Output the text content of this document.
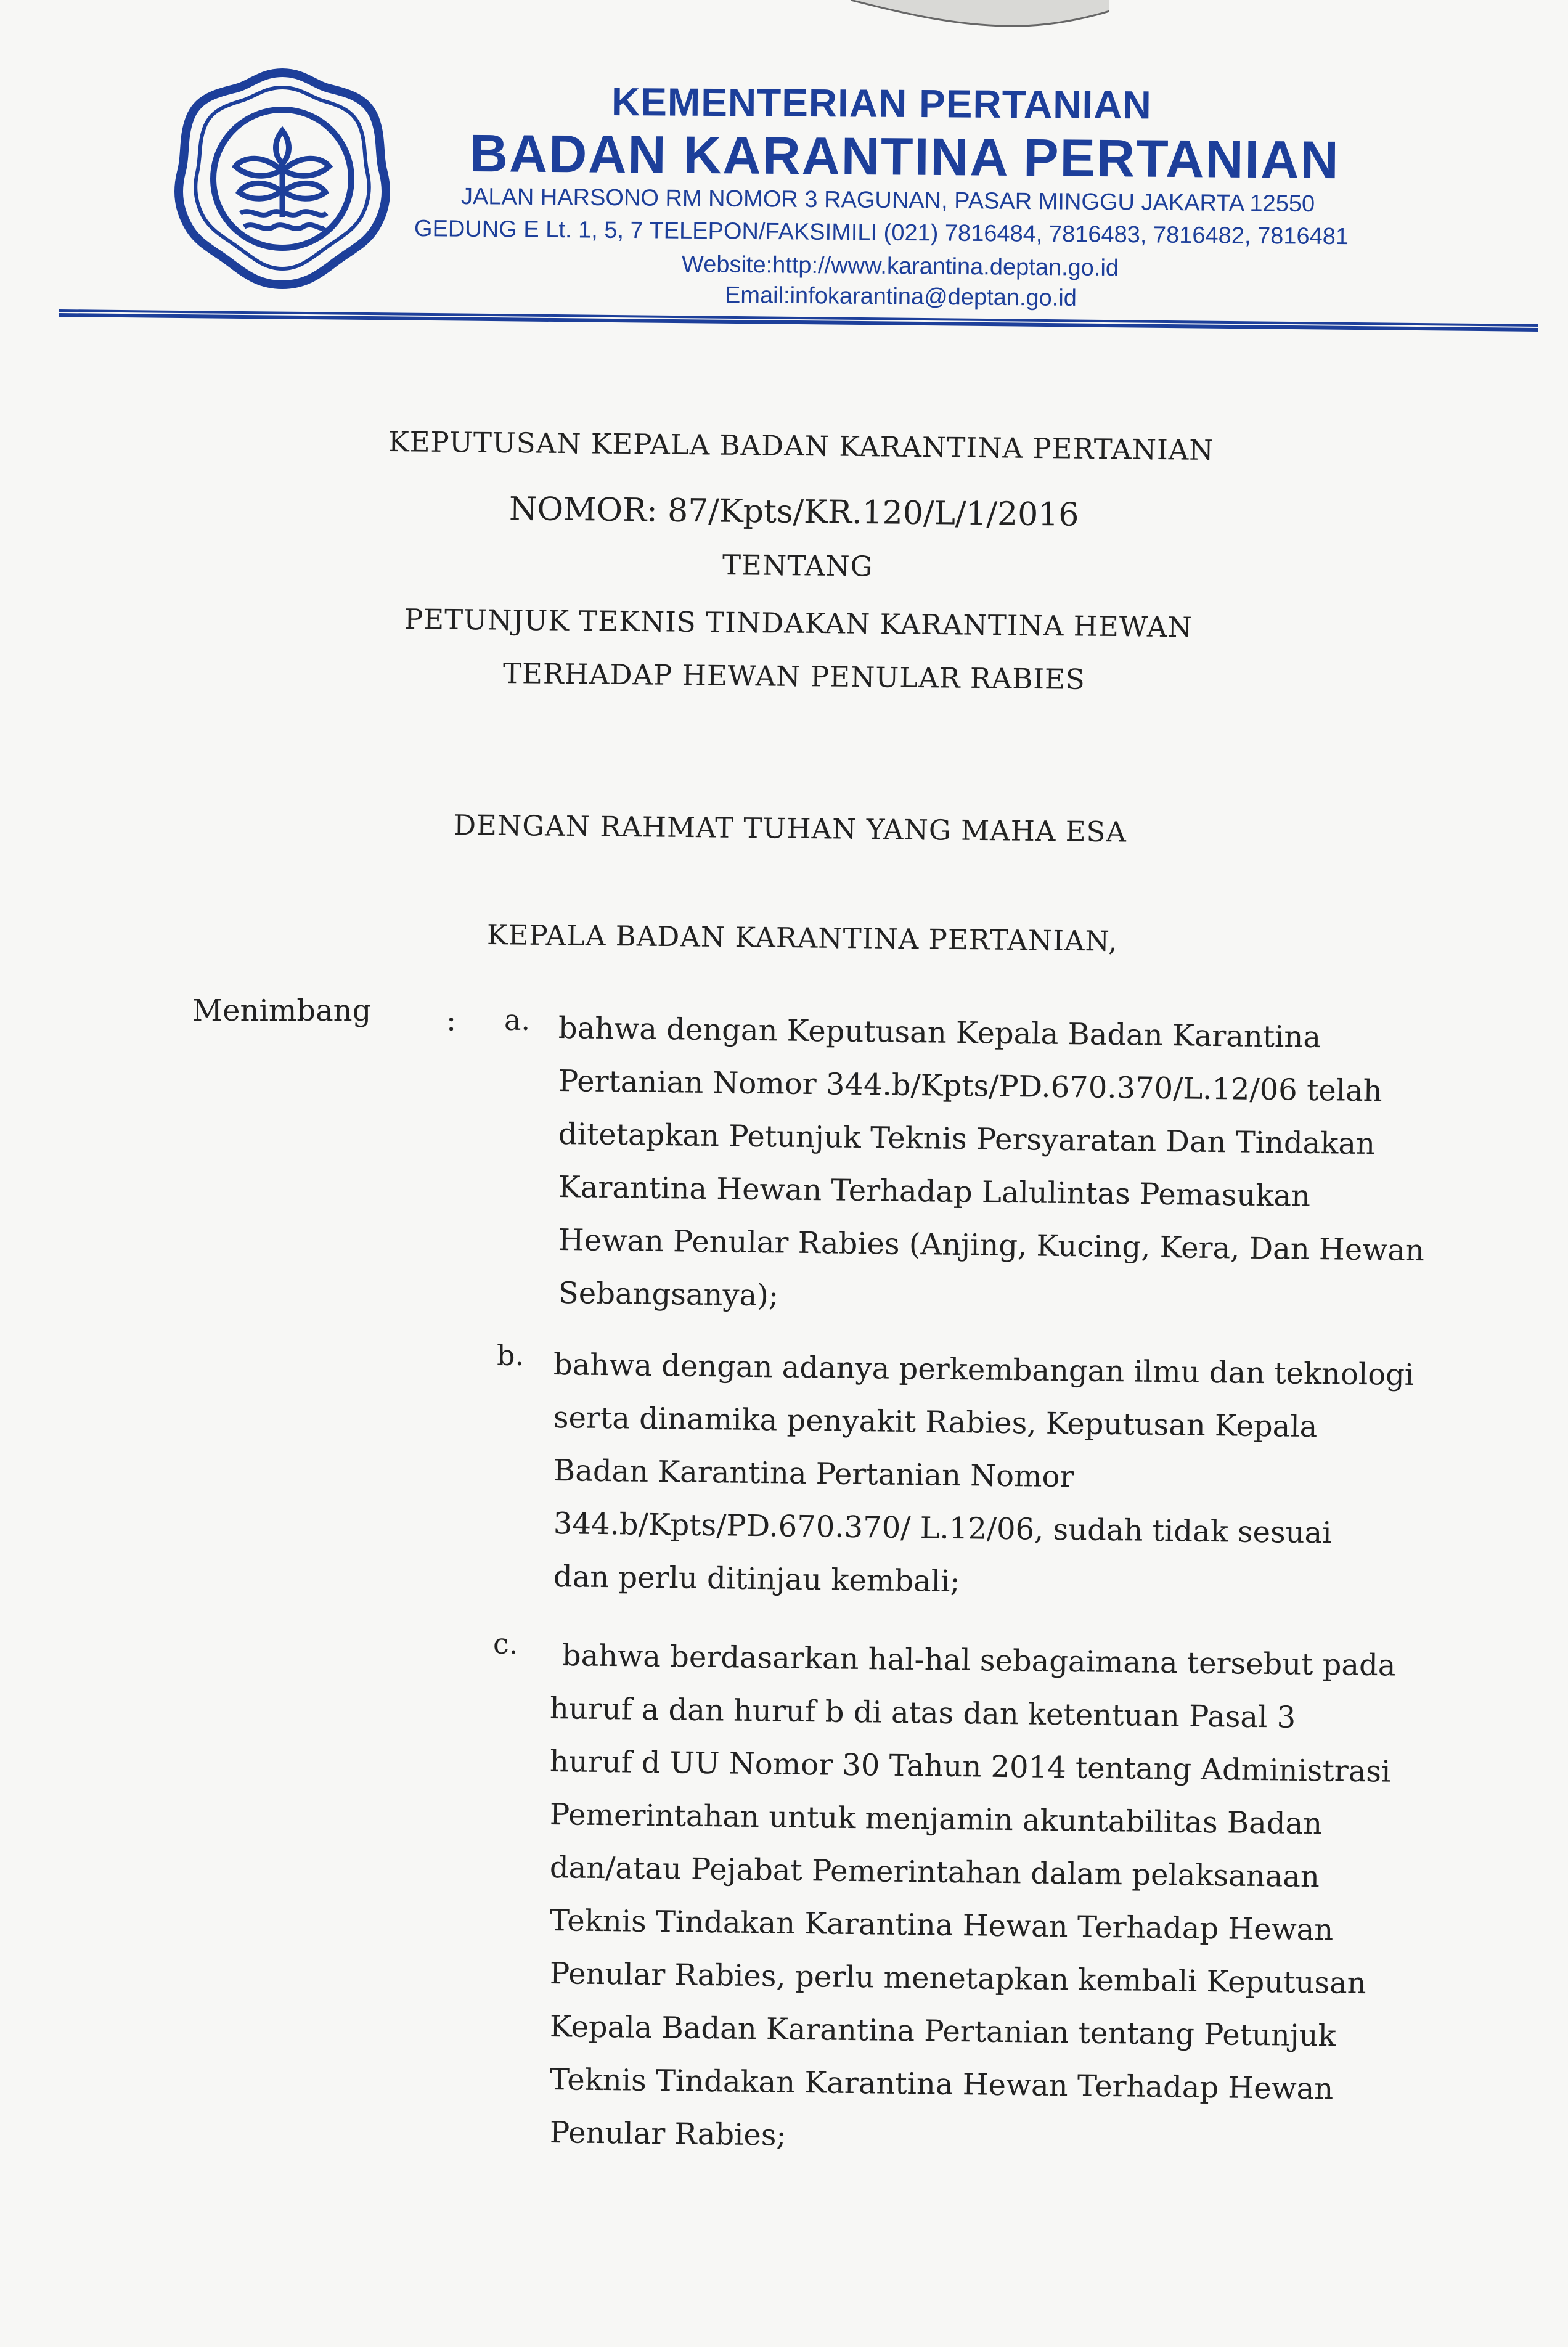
KEMENTERIAN PERTANIAN
BADAN KARANTINA PERTANIAN
JALAN HARSONO RM NOMOR 3 RAGUNAN, PASAR MINGGU JAKARTA 12550
GEDUNG E Lt. 1, 5, 7 TELEPON/FAKSIMILI (021) 7816484, 7816483, 7816482, 7816481
Website:http://www.karantina.deptan.go.id
Email:infokarantina@deptan.go.id
KEPUTUSAN KEPALA BADAN KARANTINA PERTANIAN
NOMOR: 87/Kpts/KR.120/L/1/2016
TENTANG
PETUNJUK TEKNIS TINDAKAN KARANTINA HEWAN
TERHADAP HEWAN PENULAR RABIES
DENGAN RAHMAT TUHAN YANG MAHA ESA
KEPALA BADAN KARANTINA PERTANIAN,
Menimbang	: a. bahwa dengan Keputusan Kepala Badan Karantina
Pertanian Nomor 344.b/Kpts/PD.670.370/L.12/06 telah
ditetapkan Petunjuk Teknis Persyaratan Dan Tindakan
Karantina Hewan Terhadap Lalulintas Pemasukan
Hewan Penular Rabies (Anjing, Kucing, Kera, Dan Hewan
Sebangsanya);
b. bahwa dengan adanya perkembangan ilmu dan teknologi
serta dinamika penyakit Rabies, Keputusan Kepala
Badan Karantina Pertanian Nomor
344.b/Kpts/PD.670.370/ L.12/06, sudah tidak sesuai
dan perlu ditinjau kembali;
c. bahwa berdasarkan hal-hal sebagaimana tersebut pada
huruf a dan huruf b di atas dan ketentuan Pasal 3
huruf d UU Nomor 30 Tahun 2014 tentang Administrasi
Pemerintahan untuk menjamin akuntabilitas Badan
dan/atau Pejabat Pemerintahan dalam pelaksanaan
Teknis Tindakan Karantina Hewan Terhadap Hewan
Penular Rabies, perlu menetapkan kembali Keputusan
Kepala Badan Karantina Pertanian tentang Petunjuk
Teknis Tindakan Karantina Hewan Terhadap Hewan
Penular Rabies;
